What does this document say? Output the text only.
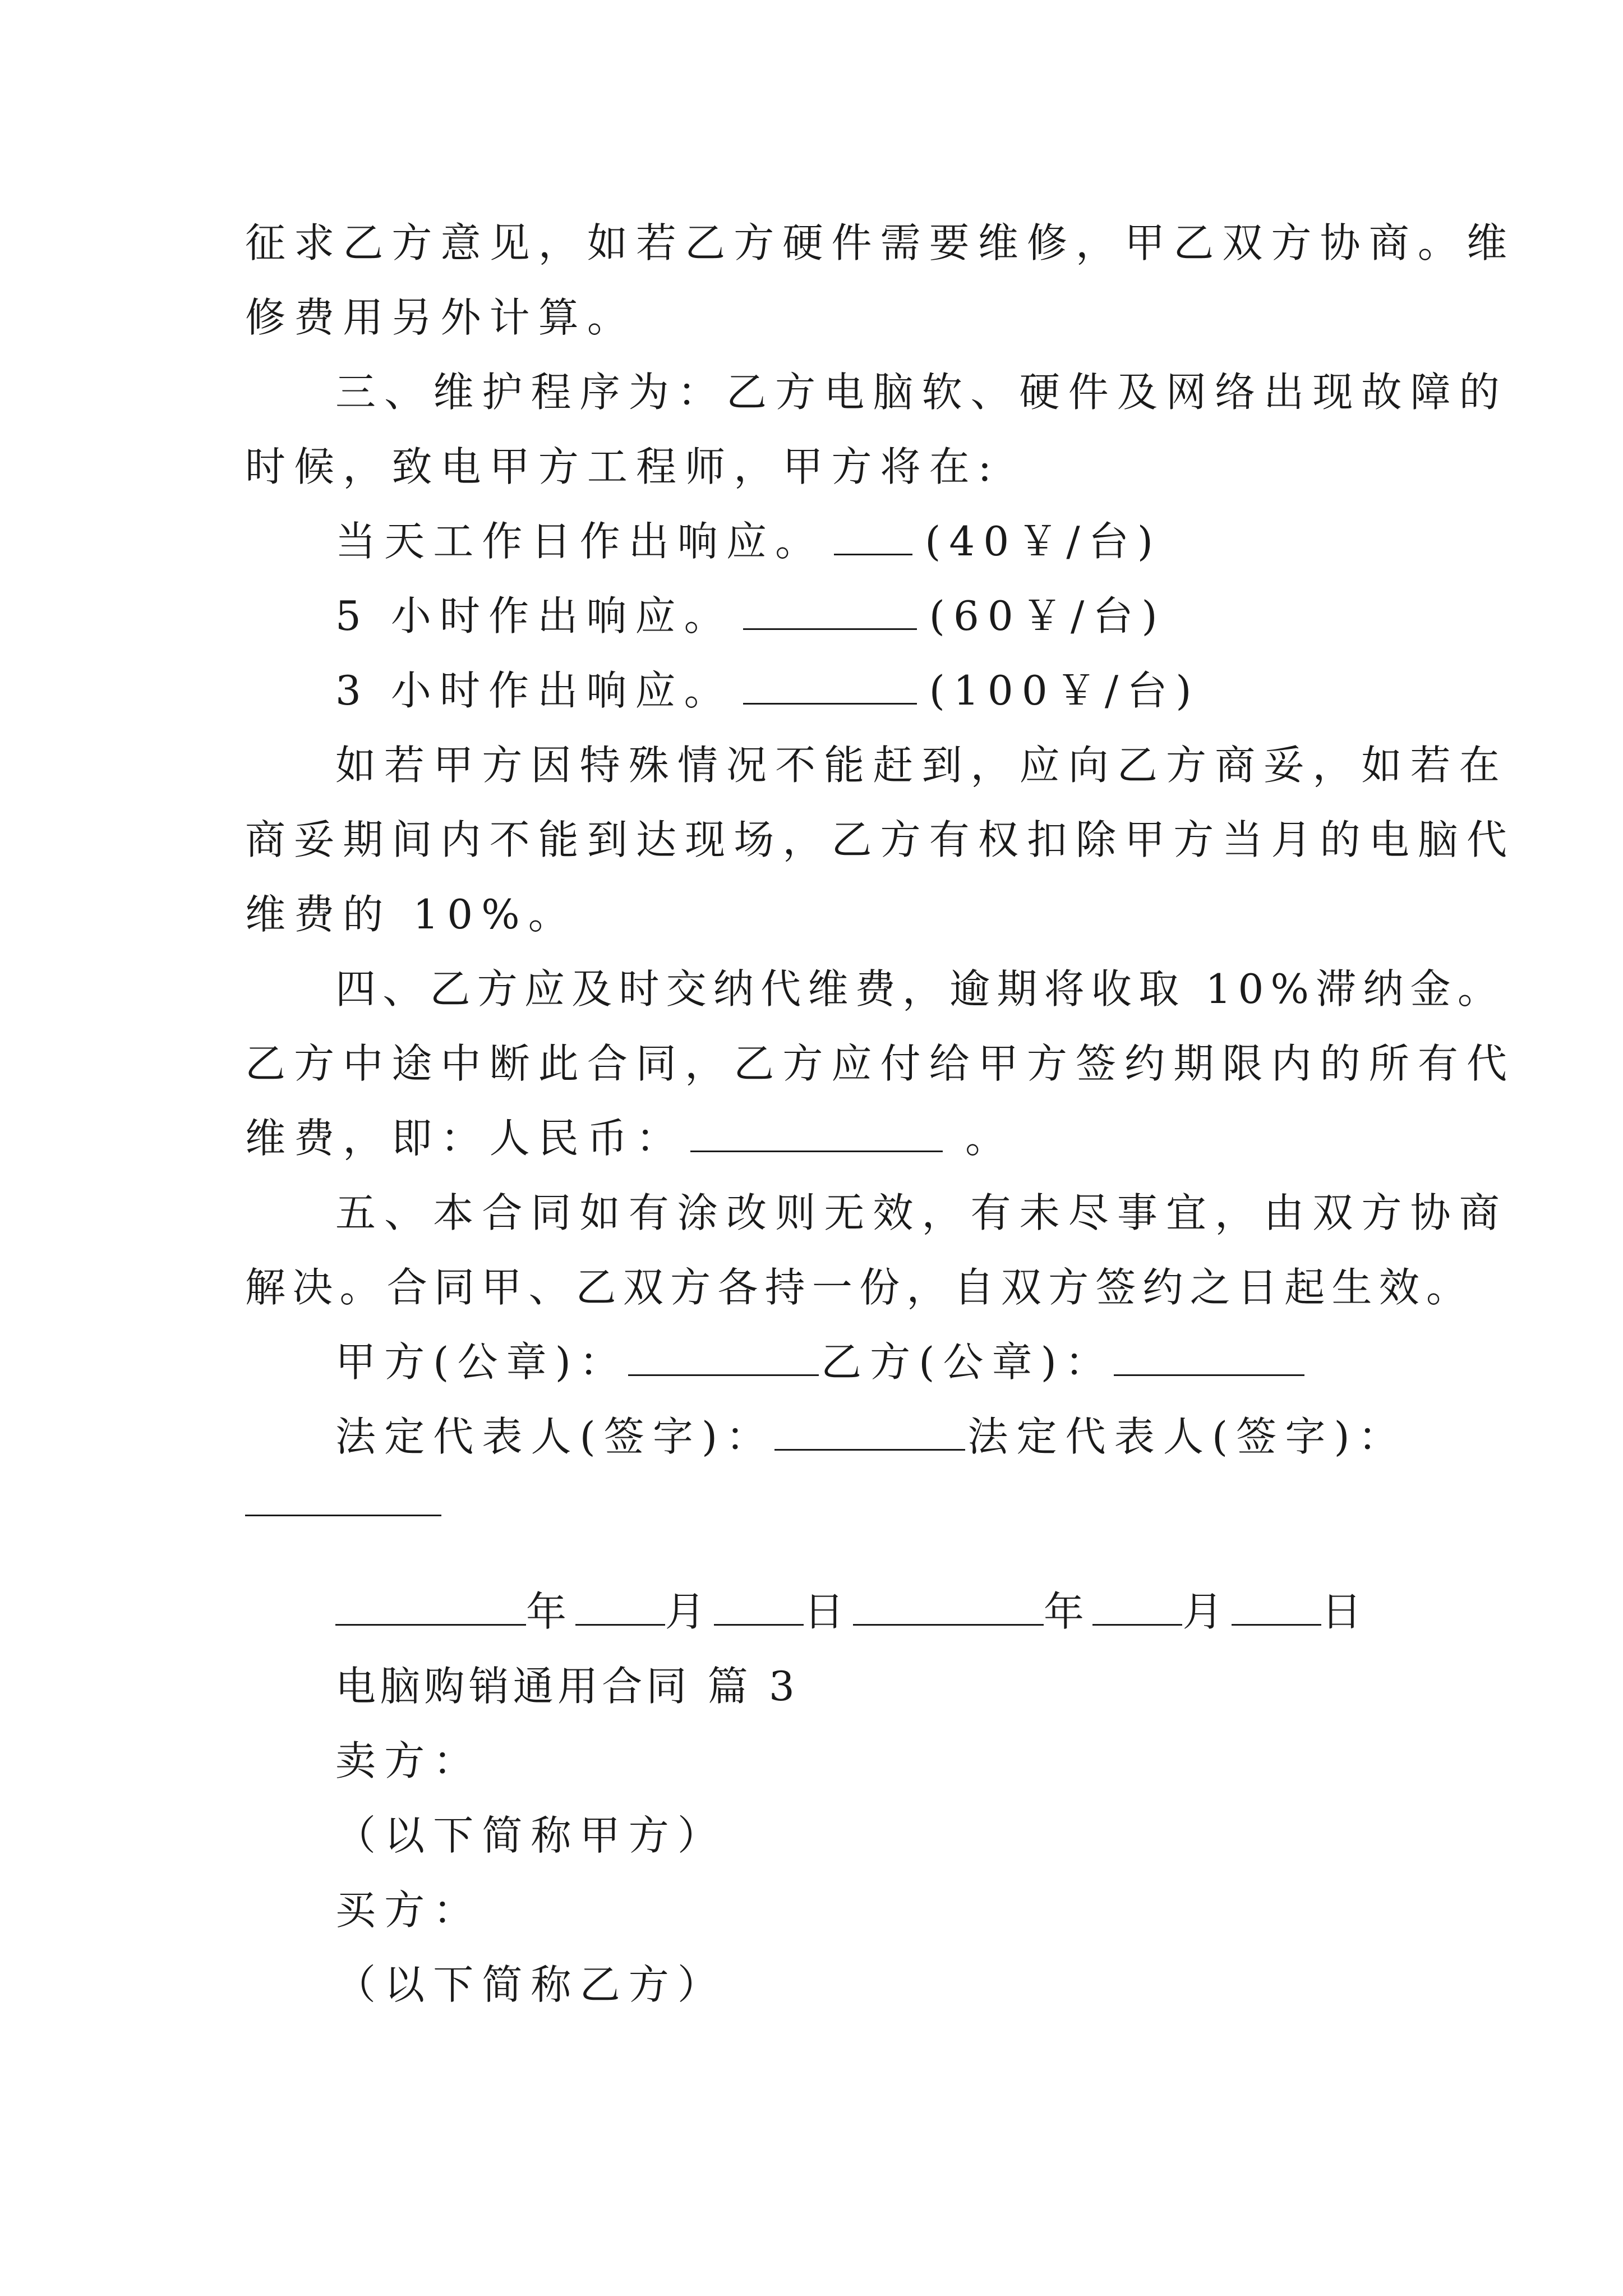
征求乙方意见，如若乙方硬件需要维修，甲乙双方协商。维
修费用另外计算。
三、维护程序为：乙方电脑软、硬件及网络出现故障的
时候，致电甲方工程师，甲方将在:
当天工作日作出响应。	(40￥/台)
5 小时作出响应。	(60￥/台)
3 小时作出响应。	(100￥/台)
如若甲方因特殊情况不能赶到，应向乙方商妥，如若在
商妥期间内不能到达现场，乙方有权扣除甲方当月的电脑代
维费的 10%。
四、乙方应及时交纳代维费，逾期将收取 10%滞纳金。
乙方中途中断此合同，乙方应付给甲方签约期限内的所有代
维费，即：人民币：	。
五、本合同如有涂改则无效，有未尽事宜，由双方协商
解决。合同甲、乙双方各持一份，自双方签约之日起生效。
甲方(公章)：	乙方(公章)：
法定代表人(签字)：	法定代表人(签字)：
年 月 日	年 月 日
电脑购销通用合同 篇 3
卖方：
（以下简称甲方）
买方：
（以下简称乙方）
